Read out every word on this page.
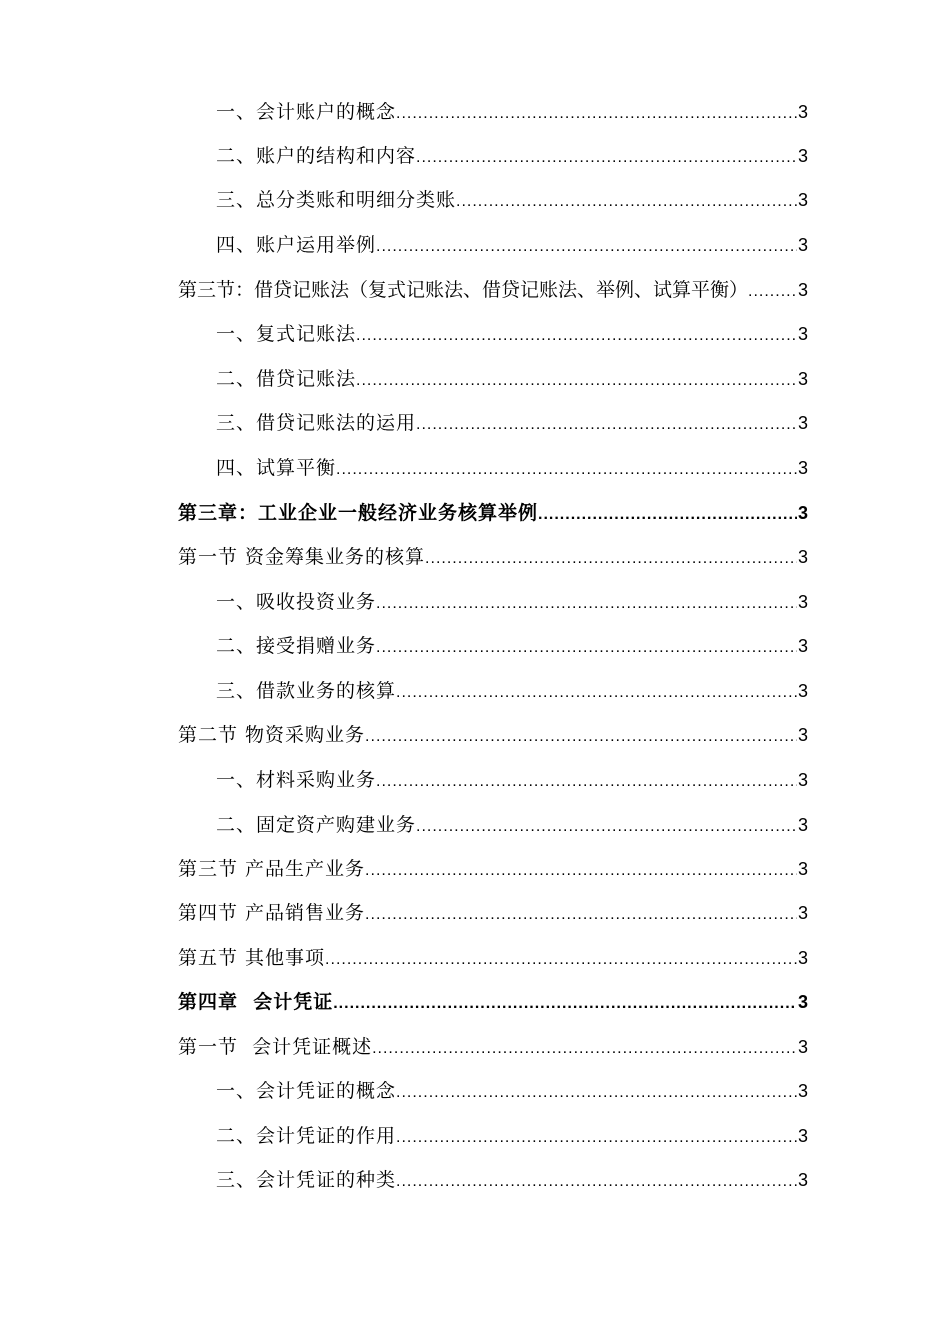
一、会计账户的概念 .....	3
二、账户的结构和内容 .....	3
三、总分类账和明细分类账 .....	3
四、账户运用举例 .....	3
第三节：借贷记账法（复式记账法、借贷记账法、举例、试算平衡） .....	3
一、复式记账法 .....	3
二、借贷记账法 .....	3
三、借贷记账法的运用 .....	3
四、试算平衡 .....	3
第三章：工业企业一般经济业务核算举例 .....	3
第一节 资金筹集业务的核算 .....	3
一、吸收投资业务 .....	3
二、接受捐赠业务 .....	3
三、借款业务的核算 .....	3
第二节 物资采购业务 .....	3
一、材料采购业务 .....	3
二、固定资产购建业务 .....	3
第三节 产品生产业务 .....	3
第四节 产品销售业务 .....	3
第五节 其他事项 .....	3
第四章  会计凭证 .....	3
第一节  会计凭证概述 .....	3
一、会计凭证的概念 .....	3
二、会计凭证的作用 .....	3
三、会计凭证的种类 .....	3
